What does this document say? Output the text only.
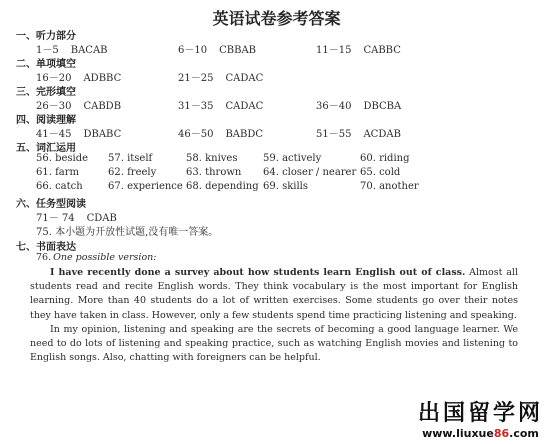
英语试卷参考答案
一、听力部分
1－5 BACAB	6－10 CBBAB	11－15 CABBC
二、单项填空
16－20 ADBBC	21－25 CADAC
三、完形填空
26－30 CABDB	31－35 CADAC	36－40 DBCBA
四、阅读理解
41－45 DBABC	46－50 BABDC	51－55 ACDAB
五、词汇运用
56. beside 57. itself	58. knives	59. actively	60. riding
61. farm	62. freely	63. thrown 64. closer / nearer 65. cold
66. catch	67. experience 68. depending 69. skills	70. another
六、任务型阅读
71－ 74 CDAB
75. 本小题为开放性试题,没有唯一答案。
七、书面表达
76. One possible version:

I have recently done a survey about how students learn English out of class. Almost all students read and recite English words. They think vocabulary is the most important for English learning. More than 40 students do a lot of written exercises. Some students go over their notes they have taken in class. However, only a few students spend time practicing listening and speaking.

In my opinion, listening and speaking are the secrets of becoming a good language learner. We need to do lots of listening and speaking practice, such as watching English movies and listening to English songs. Also, chatting with foreigners can be helpful.

出国留学网
www.liuxue86.com
